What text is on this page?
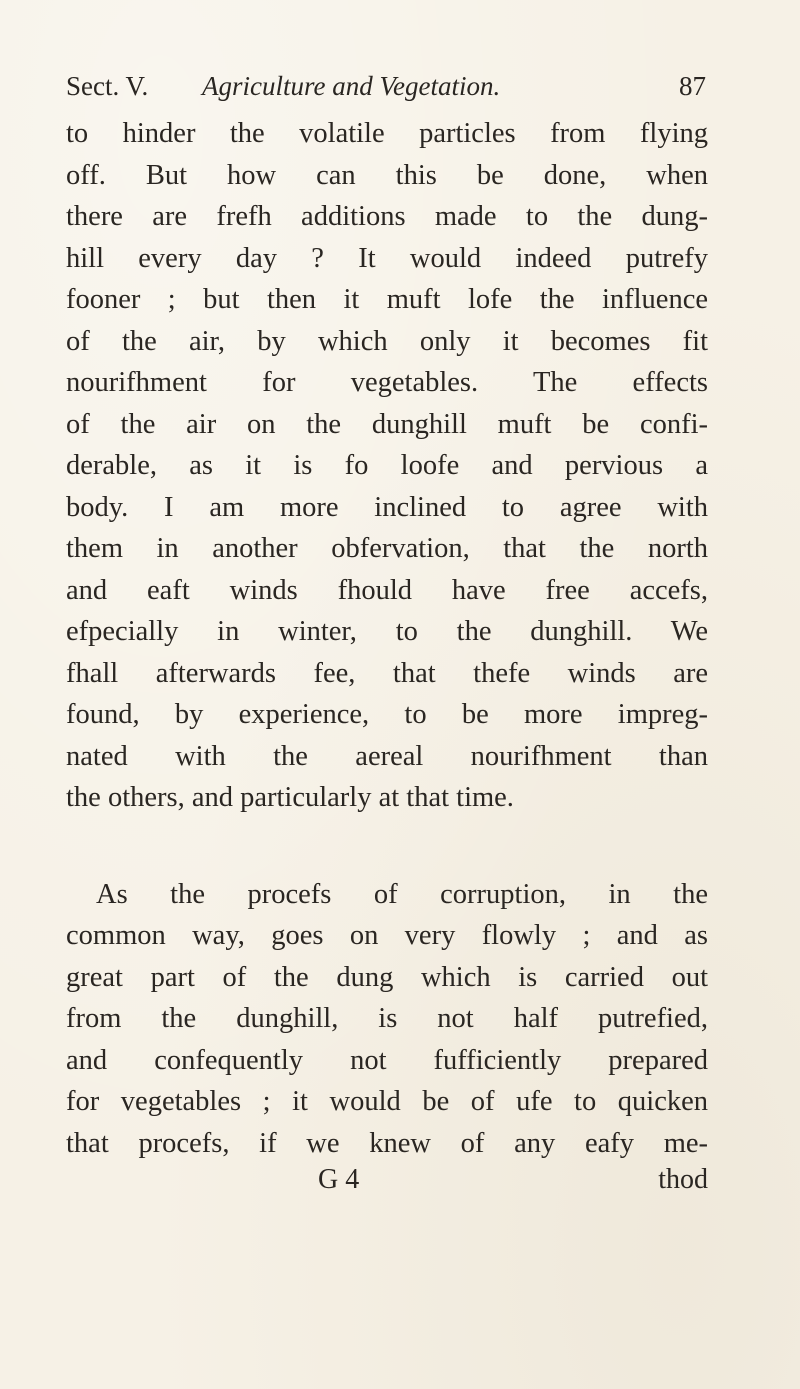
Sect. V. Agriculture and Vegetation.	87
to hinder the volatile particles from flying
off. But how can this be done, when
there are frefh additions made to the dung-
hill every day ? It would indeed putrefy
fooner ; but then it muft lofe the influence
of the air, by which only it becomes fit
nourifhment for vegetables. The effects
of the air on the dunghill muft be confi-
derable, as it is fo loofe and pervious a
body. I am more inclined to agree with
them in another obfervation, that the north
and eaft winds fhould have free accefs,
efpecially in winter, to the dunghill. We
fhall afterwards fee, that thefe winds are
found, by experience, to be more impreg-
nated with the aereal nourifhment than
the others, and particularly at that time.
As the procefs of corruption, in the
common way, goes on very flowly ; and as
great part of the dung which is carried out
from the dunghill, is not half putrefied,
and confequently not fufficiently prepared
for vegetables ; it would be of ufe to quicken
that procefs, if we knew of any eafy me-
G 4	thod
